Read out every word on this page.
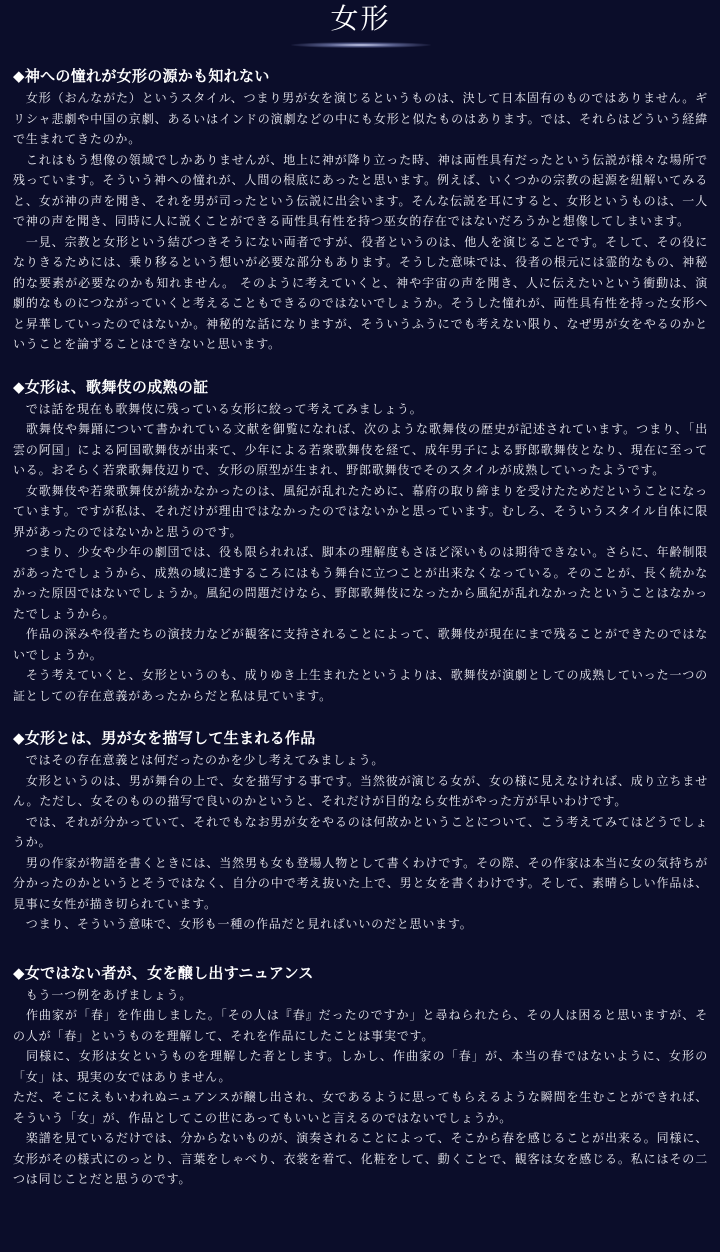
女形
◆神への憧れが女形の源かも知れない

　女形（おんながた）というスタイル、つまり男が女を演じるというものは、決して日本固有のものではありません。ギリシャ悲劇や中国の京劇、あるいはインドの演劇などの中にも女形と似たものはあります。では、それらはどういう経緯で生まれてきたのか。

　これはもう想像の領域でしかありませんが、地上に神が降り立った時、神は両性具有だったという伝説が様々な場所で残っています。そういう神への憧れが、人間の根底にあったと思います。例えば、いくつかの宗教の起源を紐解いてみると、女が神の声を聞き、それを男が司ったという伝説に出会います。そんな伝説を耳にすると、女形というものは、一人で神の声を聞き、同時に人に説くことができる両性具有性を持つ巫女的存在ではないだろうかと想像してしまいます。

　一見、宗教と女形という結びつきそうにない両者ですが、役者というのは、他人を演じることです。そして、その役になりきるためには、乗り移るという想いが必要な部分もあります。そうした意味では、役者の根元には霊的なもの、神秘的な要素が必要なのかも知れません。 そのように考えていくと、神や宇宙の声を聞き、人に伝えたいという衝動は、演劇的なものにつながっていくと考えることもできるのではないでしょうか。そうした憧れが、両性具有性を持った女形へと昇華していったのではないか。神秘的な話になりますが、そういうふうにでも考えない限り、なぜ男が女をやるのかということを論ずることはできないと思います。

◆女形は、歌舞伎の成熟の証

　では話を現在も歌舞伎に残っている女形に絞って考えてみましょう。

　歌舞伎や舞踊について書かれている文献を御覧になれば、次のような歌舞伎の歴史が記述されています。つまり、「出雲の阿国」による阿国歌舞伎が出来て、少年による若衆歌舞伎を経て、成年男子による野郎歌舞伎となり、現在に至っている。おそらく若衆歌舞伎辺りで、女形の原型が生まれ、野郎歌舞伎でそのスタイルが成熟していったようです。

　女歌舞伎や若衆歌舞伎が続かなかったのは、風紀が乱れたために、幕府の取り締まりを受けたためだということになっています。ですが私は、それだけが理由ではなかったのではないかと思っています。むしろ、そういうスタイル自体に限界があったのではないかと思うのです。

　つまり、少女や少年の劇団では、役も限られれば、脚本の理解度もさほど深いものは期待できない。さらに、年齢制限があったでしょうから、成熟の域に達するころにはもう舞台に立つことが出来なくなっている。そのことが、長く続かなかった原因ではないでしょうか。風紀の問題だけなら、野郎歌舞伎になったから風紀が乱れなかったということはなかったでしょうから。

　作品の深みや役者たちの演技力などが観客に支持されることによって、歌舞伎が現在にまで残ることができたのではないでしょうか。

　そう考えていくと、女形というのも、成りゆき上生まれたというよりは、歌舞伎が演劇としての成熟していった一つの証としての存在意義があったからだと私は見ています。

◆女形とは、男が女を描写して生まれる作品

　ではその存在意義とは何だったのかを少し考えてみましょう。

　女形というのは、男が舞台の上で、女を描写する事です。当然彼が演じる女が、女の様に見えなければ、成り立ちません。ただし、女そのものの描写で良いのかというと、それだけが目的なら女性がやった方が早いわけです。

　では、それが分かっていて、それでもなお男が女をやるのは何故かということについて、こう考えてみてはどうでしょうか。

　男の作家が物語を書くときには、当然男も女も登場人物として書くわけです。その際、その作家は本当に女の気持ちが分かったのかというとそうではなく、自分の中で考え抜いた上で、男と女を書くわけです。そして、素晴らしい作品は、見事に女性が描き切られています。

　つまり、そういう意味で、女形も一種の作品だと見ればいいのだと思います。

◆女ではない者が、女を醸し出すニュアンス

　もう一つ例をあげましょう。

　作曲家が「春」を作曲しました。「その人は『春』だったのですか」と尋ねられたら、その人は困ると思いますが、その人が「春」というものを理解して、それを作品にしたことは事実です。

　同様に、女形は女というものを理解した者とします。しかし、作曲家の「春」が、本当の春ではないように、女形の「女」は、現実の女ではありません。

ただ、そこにえもいわれぬニュアンスが醸し出され、女であるように思ってもらえるような瞬間を生むことができれば、そういう「女」が、作品としてこの世にあってもいいと言えるのではないでしょうか。

　楽譜を見ているだけでは、分からないものが、演奏されることによって、そこから春を感じることが出来る。同様に、女形がその様式にのっとり、言葉をしゃべり、衣裳を着て、化粧をして、動くことで、観客は女を感じる。私にはその二つは同じことだと思うのです。
